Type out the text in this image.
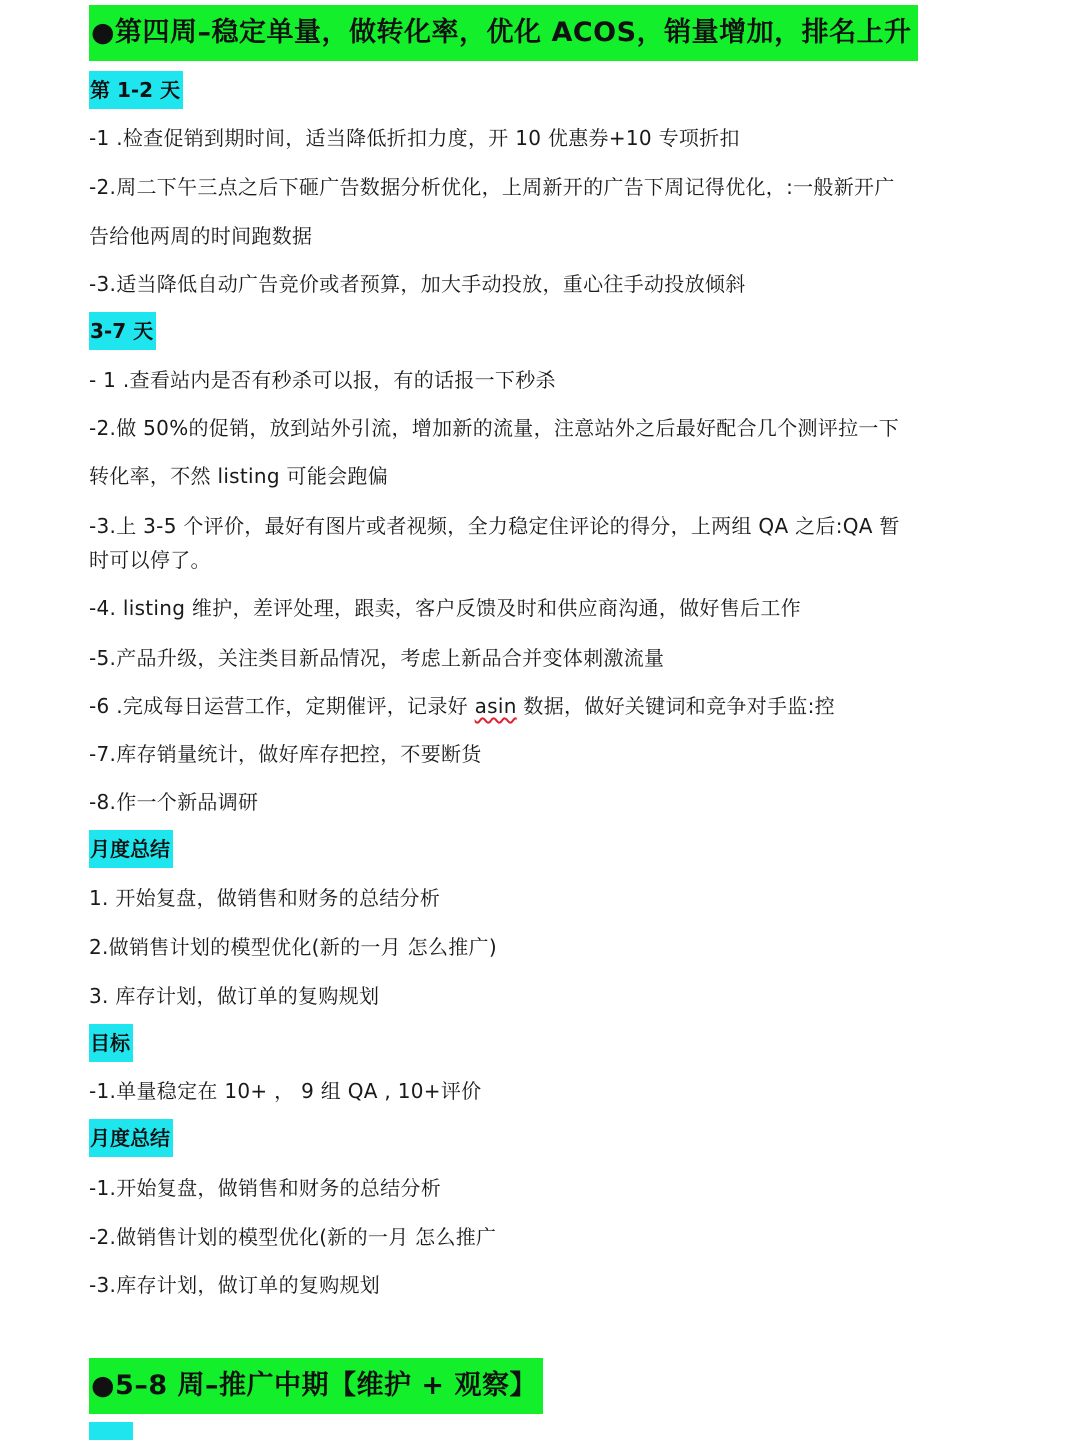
●第四周–稳定单量，做转化率，优化 ACOS，销量增加，排名上升
第 1-2 天
-1 .检查促销到期时间，适当降低折扣力度，开 10 优惠券+10 专项折扣
-2.周二下午三点之后下砸广告数据分析优化，上周新开的广告下周记得优化，:一般新开广
告给他两周的时间跑数据
-3.适当降低自动广告竞价或者预算，加大手动投放，重心往手动投放倾斜
3-7 天
- 1 .查看站内是否有秒杀可以报，有的话报一下秒杀
-2.做 50%的促销，放到站外引流，增加新的流量，注意站外之后最好配合几个测评拉一下
转化率，不然 listing 可能会跑偏
-3.上 3-5 个评价，最好有图片或者视频，全力稳定住评论的得分，上两组 QA 之后:QA 暂
时可以停了。
-4. listing 维护，差评处理，跟卖，客户反馈及时和供应商沟通，做好售后工作
-5.产品升级，关注类目新品情况，考虑上新品合并变体刺激流量
-6 .完成每日运营工作，定期催评，记录好 asin 数据，做好关键词和竞争对手监:控
-7.库存销量统计，做好库存把控，不要断货
-8.作一个新品调研
月度总结
1. 开始复盘，做销售和财务的总结分析
2.做销售计划的模型优化(新的一月 怎么推广)
3. 库存计划，做订单的复购规划
目标
-1.单量稳定在 10+ ， 9 组 QA , 10+评价
月度总结
-1.开始复盘，做销售和财务的总结分析
-2.做销售计划的模型优化(新的一月 怎么推广
-3.库存计划，做订单的复购规划
●5–8 周–推广中期【维护 + 观察】
